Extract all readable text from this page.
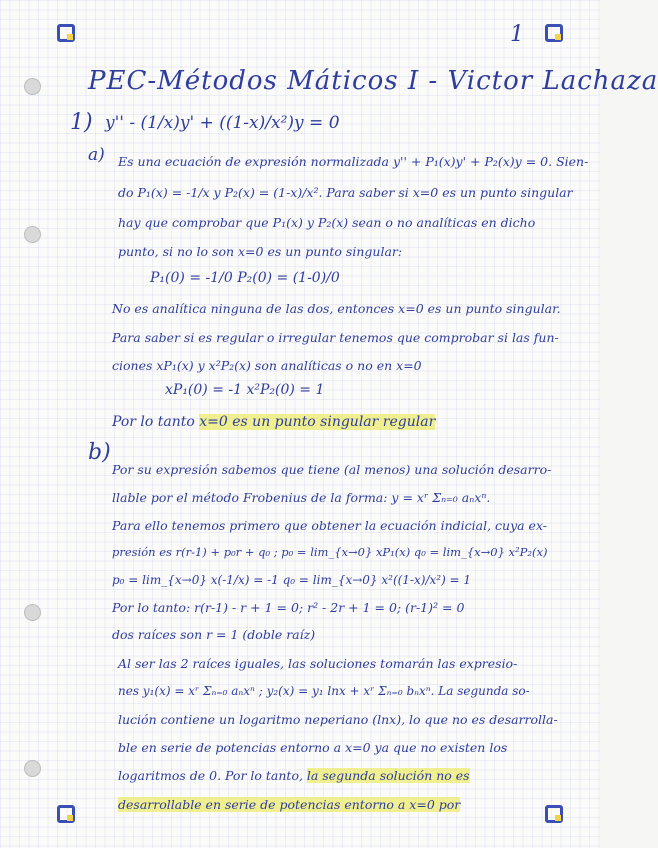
1
PEC-Métodos Máticos I - Victor Lachaza
1) y'' - (1/x)y' + ((1-x)/x²)y = 0
a) Es una ecuación de expresión normalizada y'' + P₁(x)y' + P₂(x)y = 0. Sien-
do P₁(x) = -1/x y P₂(x) = (1-x)/x². Para saber si x=0 es un punto singular
hay que comprobar que P₁(x) y P₂(x) sean o no analíticas en dicho
punto, si no lo son x=0 es un punto singular:
P₁(0) = -1/0 P₂(0) = (1-0)/0
No es analítica ninguna de las dos, entonces x=0 es un punto singular.
Para saber si es regular o irregular tenemos que comprobar si las fun-
ciones xP₁(x) y x²P₂(x) son analíticas o no en x=0
xP₁(0) = -1 x²P₂(0) = 1
Por lo tanto x=0 es un punto singular regular
b)
Por su expresión sabemos que tiene (al menos) una solución desarro-
llable por el método Frobenius de la forma: y = xʳ Σₙ₌₀ aₙxⁿ.
Para ello tenemos primero que obtener la ecuación indicial, cuya ex-
presión es r(r-1) + p₀r + q₀ ; p₀ = lim_{x→0} xP₁(x) q₀ = lim_{x→0} x²P₂(x)
p₀ = lim_{x→0} x(-1/x) = -1 q₀ = lim_{x→0} x²((1-x)/x²) = 1
Por lo tanto: r(r-1) - r + 1 = 0; r² - 2r + 1 = 0; (r-1)² = 0
dos raíces son r = 1 (doble raíz)
Al ser las 2 raíces iguales, las soluciones tomarán las expresio-
nes y₁(x) = xʳ Σₙ₌₀ aₙxⁿ ; y₂(x) = y₁ lnx + xʳ Σₙ₌₀ bₙxⁿ. La segunda so-
lución contiene un logaritmo neperiano (lnx), lo que no es desarrolla-
ble en serie de potencias entorno a x=0 ya que no existen los
logaritmos de 0. Por lo tanto, la segunda solución no es
desarrollable en serie de potencias entorno a x=0 por
